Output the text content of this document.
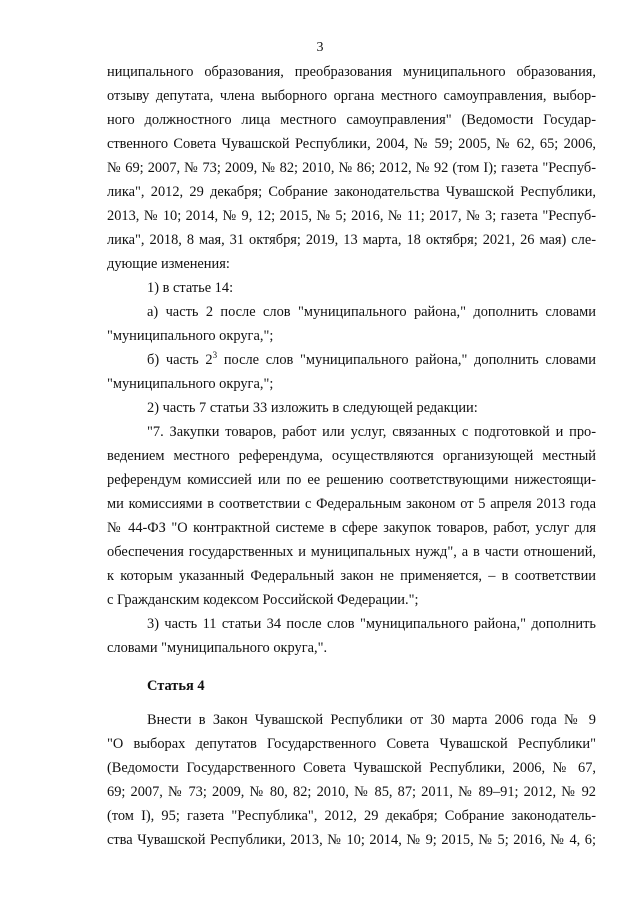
3
ниципального образования, преобразования муниципального образования,
отзыву депутата, члена выборного органа местного самоуправления, выбор-
ного должностного лица местного самоуправления" (Ведомости Государ-
ственного Совета Чувашской Республики, 2004, № 59; 2005, № 62, 65; 2006,
№ 69; 2007, № 73; 2009, № 82; 2010, № 86; 2012, № 92 (том I); газета "Респуб-
лика", 2012, 29 декабря; Собрание законодательства Чувашской Республики,
2013, № 10; 2014, № 9, 12; 2015, № 5; 2016, № 11; 2017, № 3; газета "Респуб-
лика", 2018, 8 мая, 31 октября; 2019, 13 марта, 18 октября; 2021, 26 мая) сле-
дующие изменения:
1) в статье 14:
а) часть 2 после слов "муниципального района," дополнить словами
"муниципального округа,";
б) часть $2^3$ после слов "муниципального района," дополнить словами
"муниципального округа,";
2) часть 7 статьи 33 изложить в следующей редакции:
"7. Закупки товаров, работ или услуг, связанных с подготовкой и про-
ведением местного референдума, осуществляются организующей местный
референдум комиссией или по ее решению соответствующими нижестоящи-
ми комиссиями в соответствии с Федеральным законом от 5 апреля 2013 года
№ 44-ФЗ "О контрактной системе в сфере закупок товаров, работ, услуг для
обеспечения государственных и муниципальных нужд", а в части отношений,
к которым указанный Федеральный закон не применяется, – в соответствии
с Гражданским кодексом Российской Федерации.";
3) часть 11 статьи 34 после слов "муниципального района," дополнить
словами "муниципального округа,".
Статья 4
Внести в Закон Чувашской Республики от 30 марта 2006 года № 9
"О выборах депутатов Государственного Совета Чувашской Республики"
(Ведомости Государственного Совета Чувашской Республики, 2006, № 67,
69; 2007, № 73; 2009, № 80, 82; 2010, № 85, 87; 2011, № 89–91; 2012, № 92
(том I), 95; газета "Республика", 2012, 29 декабря; Собрание законодатель-
ства Чувашской Республики, 2013, № 10; 2014, № 9; 2015, № 5; 2016, № 4, 6;
